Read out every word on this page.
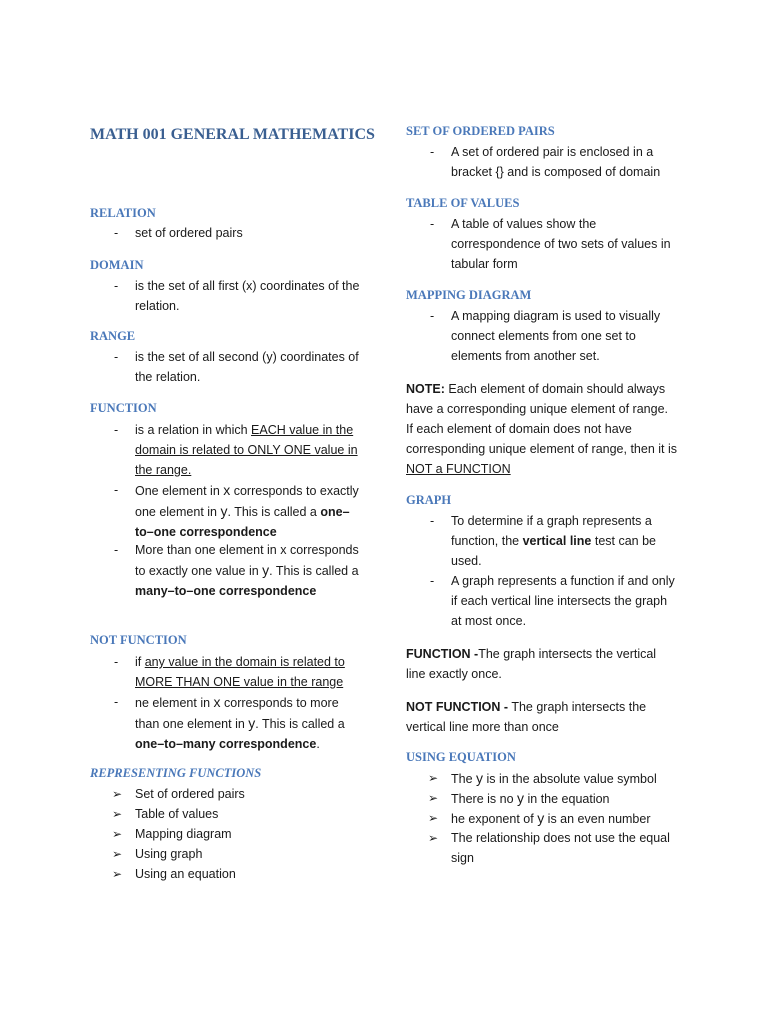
MATH 001 GENERAL MATHEMATICS
RELATION
- set of ordered pairs
DOMAIN
- is the set of all first (x) coordinates of the relation.
RANGE
- is the set of all second (y) coordinates of the relation.
FUNCTION
- is a relation in which EACH value in the domain is related to ONLY ONE value in the range.
- One element in x corresponds to exactly one element in y. This is called a one–to–one correspondence
- More than one element in x corresponds to exactly one value in y. This is called a many–to–one correspondence
NOT FUNCTION
- if any value in the domain is related to MORE THAN ONE value in the range
- ne element in x corresponds to more than one element in y. This is called a one–to–many correspondence.
REPRESENTING FUNCTIONS
➢ Set of ordered pairs
➢ Table of values
➢ Mapping diagram
➢ Using graph
➢ Using an equation
SET OF ORDERED PAIRS
- A set of ordered pair is enclosed in a bracket {} and is composed of domain
TABLE OF VALUES
- A table of values show the correspondence of two sets of values in tabular form
MAPPING DIAGRAM
- A mapping diagram is used to visually connect elements from one set to elements from another set.
NOTE: Each element of domain should always have a corresponding unique element of range. If each element of domain does not have corresponding unique element of range, then it is NOT a FUNCTION
GRAPH
- To determine if a graph represents a function, the vertical line test can be used.
- A graph represents a function if and only if each vertical line intersects the graph at most once.
FUNCTION -The graph intersects the vertical line exactly once.
NOT FUNCTION - The graph intersects the vertical line more than once
USING EQUATION
➢ The y is in the absolute value symbol
➢ There is no y in the equation
➢ he exponent of y is an even number
➢ The relationship does not use the equal sign
